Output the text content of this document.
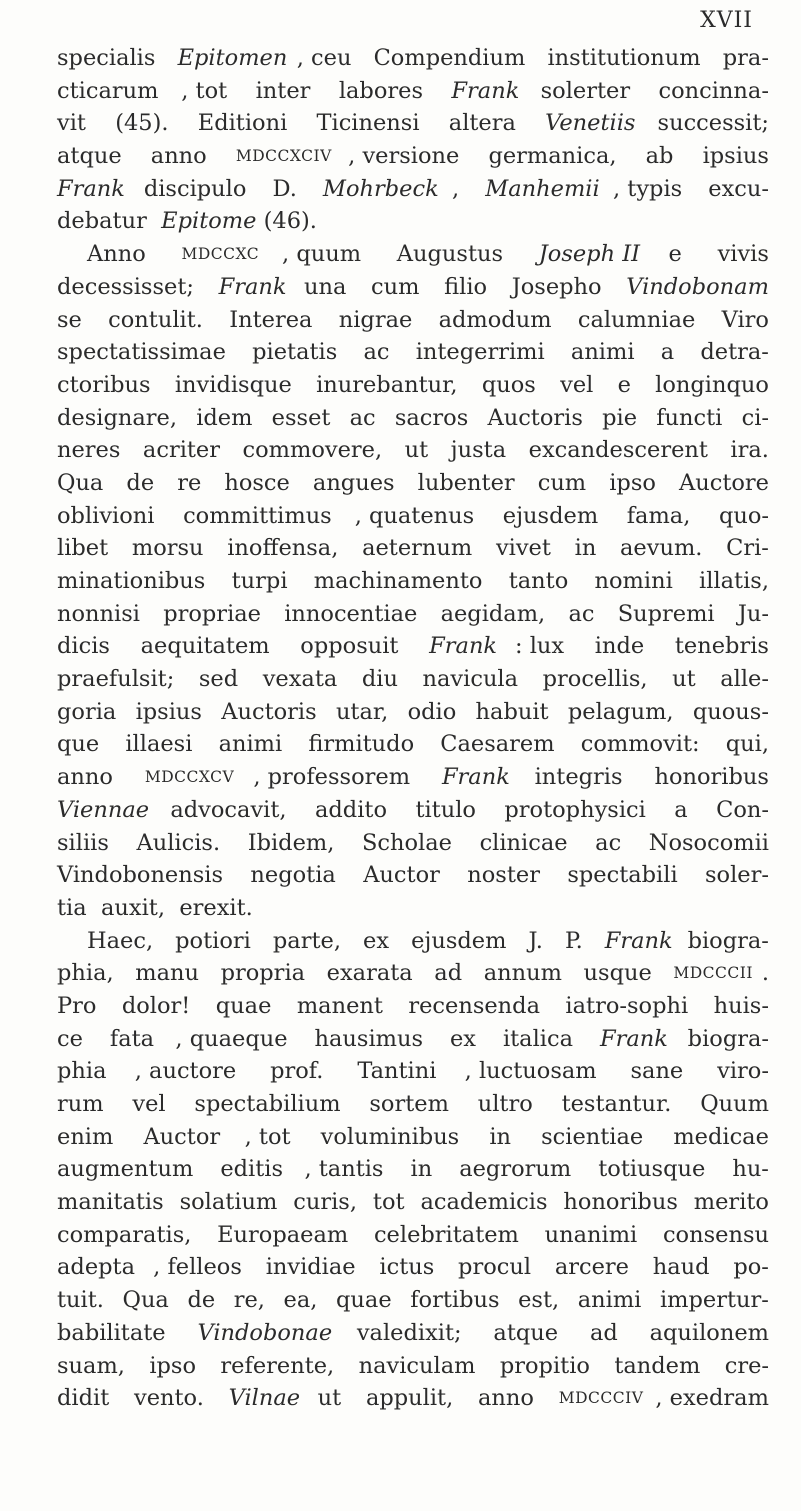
XVII
specialis Epitomen , ceu Compendium institutionum pra-
cticarum , tot inter labores Frank solerter concinna-
vit (45). Editioni Ticinensi altera Venetiis successit;
atque anno MDCCXCIV , versione germanica, ab ipsius
Frank discipulo D. Mohrbeck , Manhemii , typis excu-
debatur Epitome (46).
Anno MDCCXC , quum Augustus Joseph II e vivis
decessisset; Frank una cum filio Josepho Vindobonam
se contulit. Interea nigrae admodum calumniae Viro
spectatissimae pietatis ac integerrimi animi a detra-
ctoribus invidisque inurebantur, quos vel e longinquo
designare, idem esset ac sacros Auctoris pie functi ci-
neres acriter commovere, ut justa excandescerent ira.
Qua de re hosce angues lubenter cum ipso Auctore
oblivioni committimus , quatenus ejusdem fama, quo-
libet morsu inoffensa, aeternum vivet in aevum. Cri-
minationibus turpi machinamento tanto nomini illatis,
nonnisi propriae innocentiae aegidam, ac Supremi Ju-
dicis aequitatem opposuit Frank : lux inde tenebris
praefulsit; sed vexata diu navicula procellis, ut alle-
goria ipsius Auctoris utar, odio habuit pelagum, quous-
que illaesi animi firmitudo Caesarem commovit: qui,
anno MDCCXCV , professorem Frank integris honoribus
Viennae advocavit, addito titulo protophysici a Con-
siliis Aulicis. Ibidem, Scholae clinicae ac Nosocomii
Vindobonensis negotia Auctor noster spectabili soler-
tia auxit, erexit.
Haec, potiori parte, ex ejusdem J. P. Frank biogra-
phia, manu propria exarata ad annum usque MDCCCII .
Pro dolor! quae manent recensenda iatro-sophi huis-
ce fata , quaeque hausimus ex italica Frank biogra-
phia , auctore prof. Tantini , luctuosam sane viro-
rum vel spectabilium sortem ultro testantur. Quum
enim Auctor , tot voluminibus in scientiae medicae
augmentum editis , tantis in aegrorum totiusque hu-
manitatis solatium curis, tot academicis honoribus merito
comparatis, Europaeam celebritatem unanimi consensu
adepta , felleos invidiae ictus procul arcere haud po-
tuit. Qua de re, ea, quae fortibus est, animi impertur-
babilitate Vindobonae valedixit; atque ad aquilonem
suam, ipso referente, naviculam propitio tandem cre-
didit vento. Vilnae ut appulit, anno MDCCCIV , exedram
